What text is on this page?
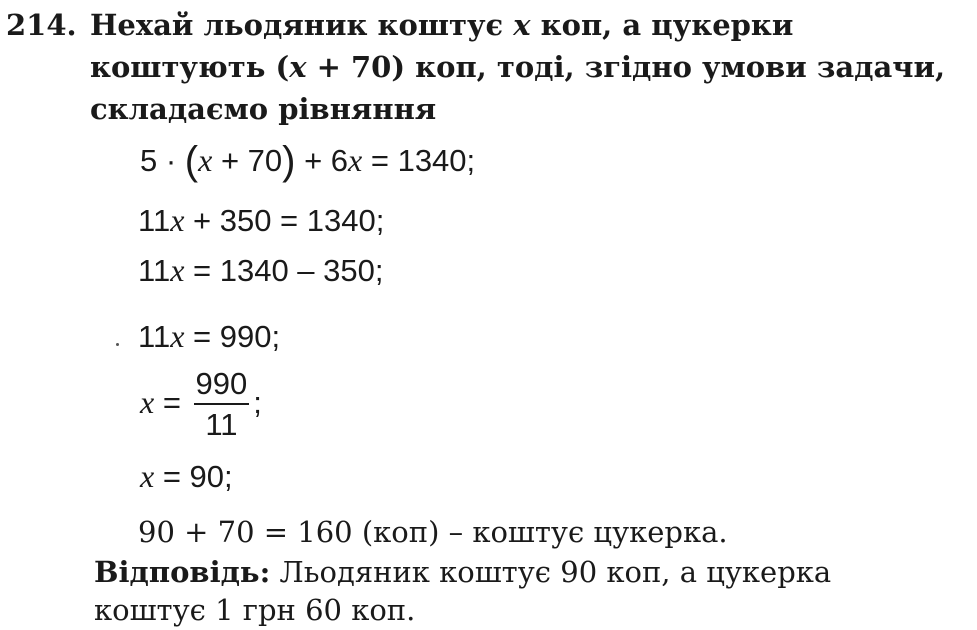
214. Нехай льодяник коштує x коп, а цукерки коштують (x + 70) коп, тоді, згідно умови задачи, складаємо рівняння
5 · (x + 70) + 6x = 1340;
11x + 350 = 1340;
11x = 1340 – 350;
11x = 990;
$x = \frac{990}{11}$ ;
x = 90;
90 + 70 = 160 (коп) – коштує цукерка.
Відповідь: Льодяник коштує 90 коп, а цукерка
коштує 1 грн 60 коп.
